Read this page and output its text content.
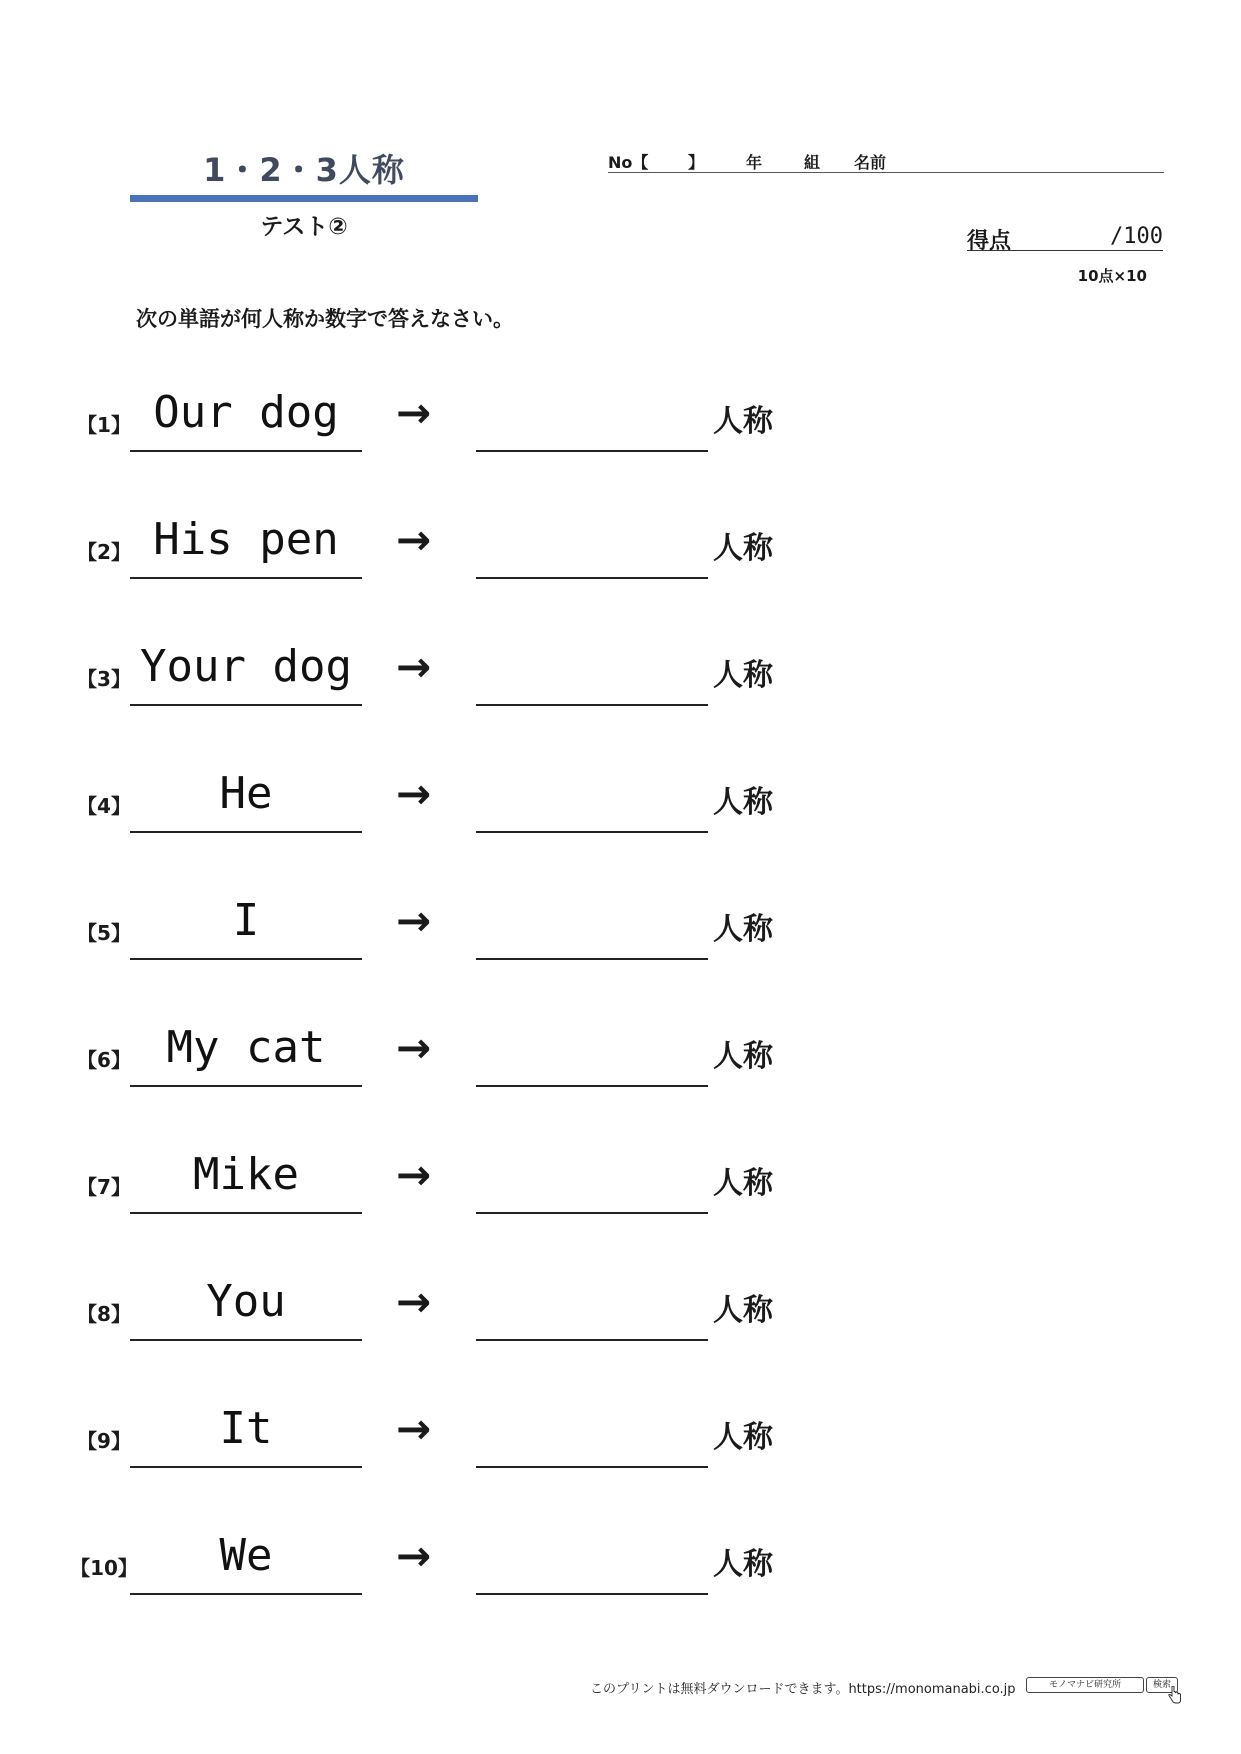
1・2・3人称
テスト②
No【 】	年	組 名前
得点	/100
10点×10
次の単語が何人称か数字で答えなさい。
【1】 Our dog	→	人称
【2】 His pen	→	人称
【3】 Your dog →	人称
【4】	He	→	人称
【5】	I	→	人称
【6】 My cat	→	人称
【7】	Mike	→	人称
【8】	You	→	人称
【9】	It	→	人称
【10】	We	→	人称
このプリントは無料ダウンロードできます。https://monomanabi.co.jp	モノマナビ研究所	検索
